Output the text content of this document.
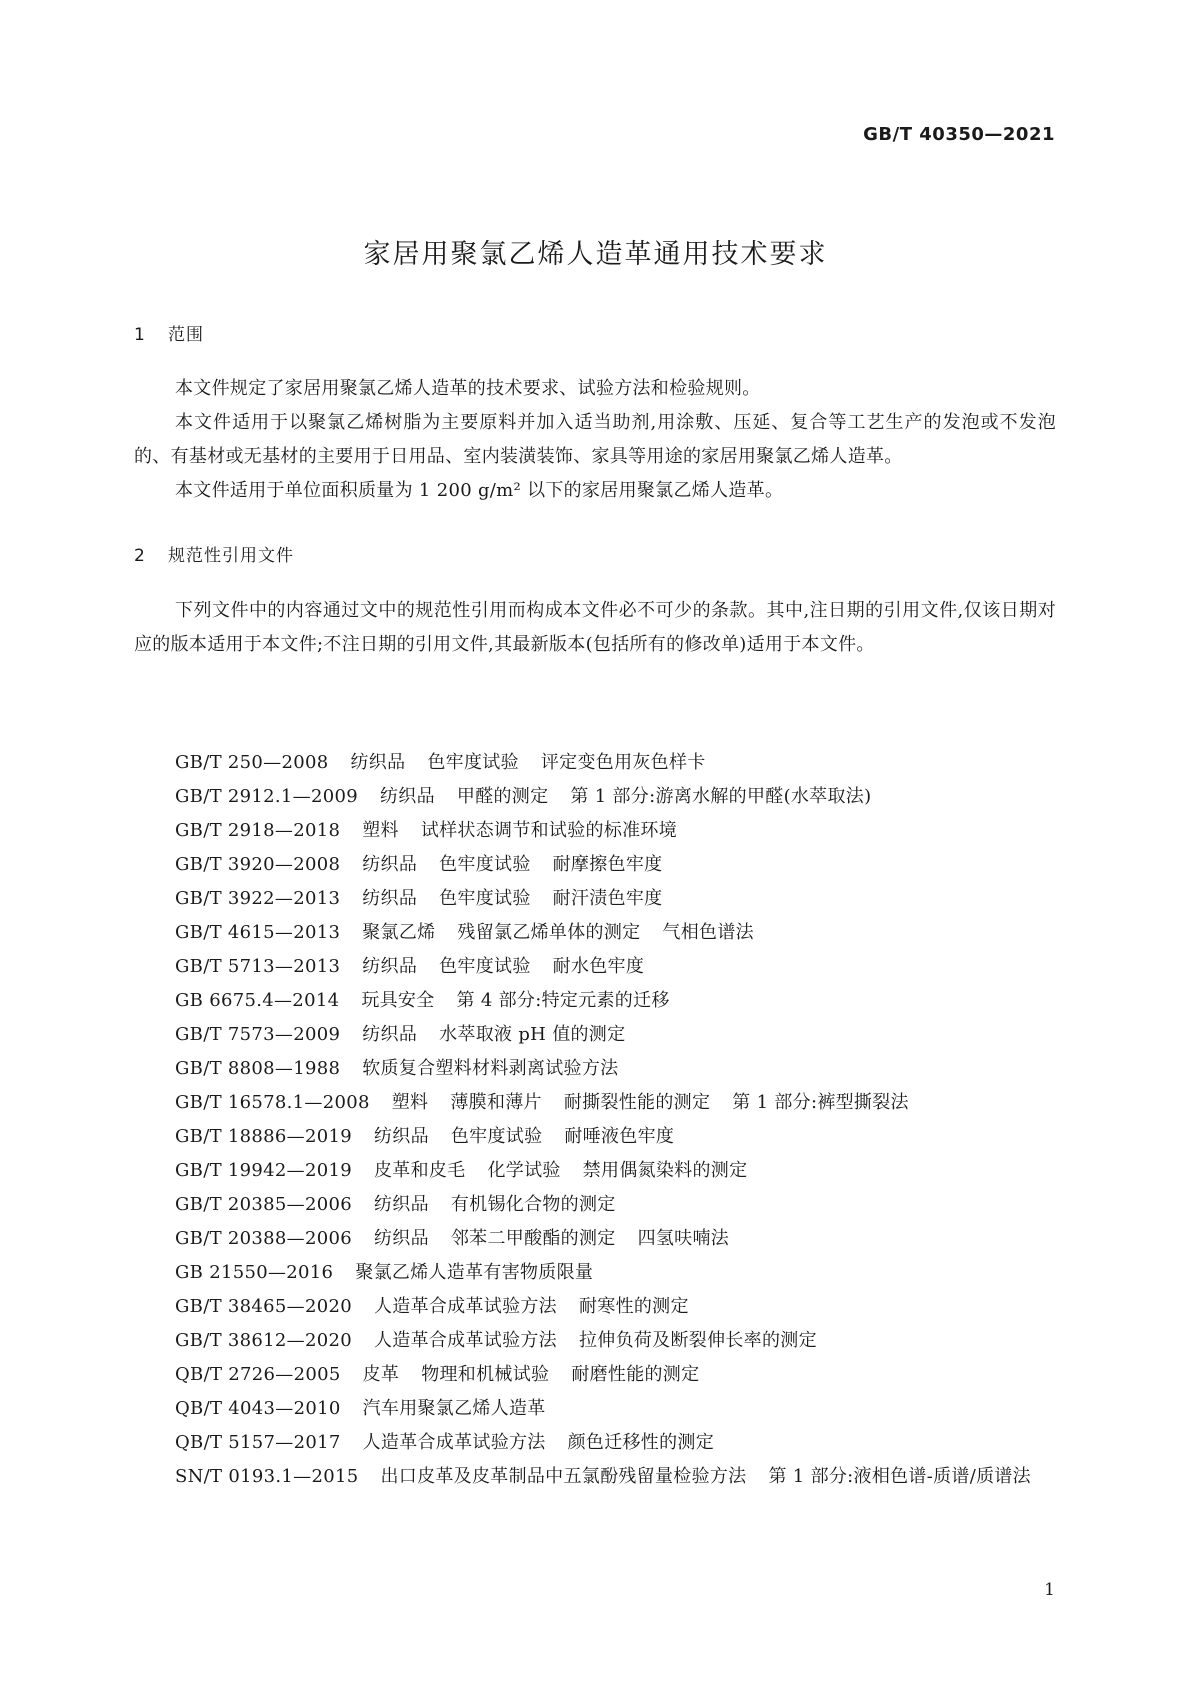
GB/T 40350—2021
家居用聚氯乙烯人造革通用技术要求
1 范围
本文件规定了家居用聚氯乙烯人造革的技术要求、试验方法和检验规则。
本文件适用于以聚氯乙烯树脂为主要原料并加入适当助剂,用涂敷、压延、复合等工艺生产的发泡或不发泡的、有基材或无基材的主要用于日用品、室内装潢装饰、家具等用途的家居用聚氯乙烯人造革。
本文件适用于单位面积质量为 1 200 g/m² 以下的家居用聚氯乙烯人造革。
2 规范性引用文件
下列文件中的内容通过文中的规范性引用而构成本文件必不可少的条款。其中,注日期的引用文件,仅该日期对应的版本适用于本文件;不注日期的引用文件,其最新版本(包括所有的修改单)适用于本文件。
GB/T 250—2008 纺织品 色牢度试验 评定变色用灰色样卡
GB/T 2912.1—2009 纺织品 甲醛的测定 第 1 部分:游离水解的甲醛(水萃取法)
GB/T 2918—2018 塑料 试样状态调节和试验的标准环境
GB/T 3920—2008 纺织品 色牢度试验 耐摩擦色牢度
GB/T 3922—2013 纺织品 色牢度试验 耐汗渍色牢度
GB/T 4615—2013 聚氯乙烯 残留氯乙烯单体的测定 气相色谱法
GB/T 5713—2013 纺织品 色牢度试验 耐水色牢度
GB 6675.4—2014 玩具安全 第 4 部分:特定元素的迁移
GB/T 7573—2009 纺织品 水萃取液 pH 值的测定
GB/T 8808—1988 软质复合塑料材料剥离试验方法
GB/T 16578.1—2008 塑料 薄膜和薄片 耐撕裂性能的测定 第 1 部分:裤型撕裂法
GB/T 18886—2019 纺织品 色牢度试验 耐唾液色牢度
GB/T 19942—2019 皮革和皮毛 化学试验 禁用偶氮染料的测定
GB/T 20385—2006 纺织品 有机锡化合物的测定
GB/T 20388—2006 纺织品 邻苯二甲酸酯的测定 四氢呋喃法
GB 21550—2016 聚氯乙烯人造革有害物质限量
GB/T 38465—2020 人造革合成革试验方法 耐寒性的测定
GB/T 38612—2020 人造革合成革试验方法 拉伸负荷及断裂伸长率的测定
QB/T 2726—2005 皮革 物理和机械试验 耐磨性能的测定
QB/T 4043—2010 汽车用聚氯乙烯人造革
QB/T 5157—2017 人造革合成革试验方法 颜色迁移性的测定
SN/T 0193.1—2015 出口皮革及皮革制品中五氯酚残留量检验方法 第 1 部分:液相色谱-质谱/质谱法
1
